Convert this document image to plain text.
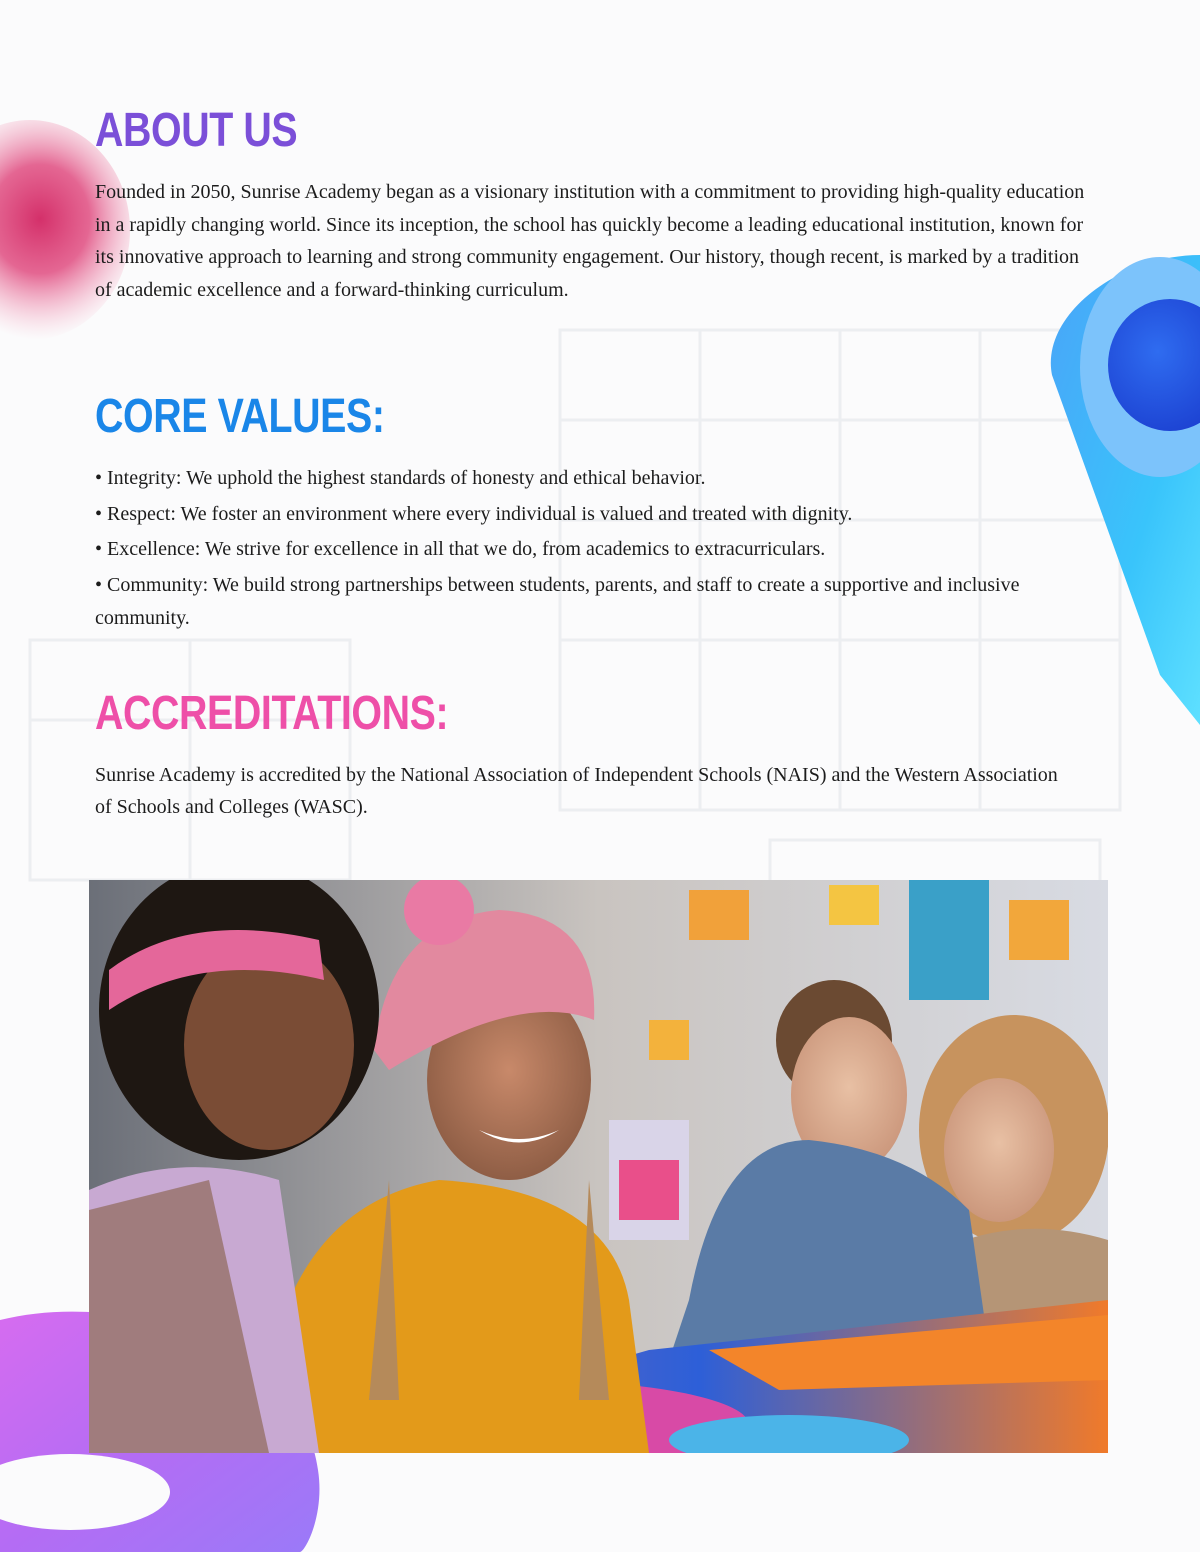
ABOUT US

Founded in 2050, Sunrise Academy began as a visionary institution with a commitment to providing high-quality education in a rapidly changing world. Since its inception, the school has quickly become a leading educational institution, known for its innovative approach to learning and strong community engagement. Our history, though recent, is marked by a tradition of academic excellence and a forward-thinking curriculum.

CORE VALUES:
• Integrity: We uphold the highest standards of honesty and ethical behavior.
• Respect: We foster an environment where every individual is valued and treated with dignity.
• Excellence: We strive for excellence in all that we do, from academics to extracurriculars.
• Community: We build strong partnerships between students, parents, and staff to create a supportive and inclusive community.
ACCREDITATIONS:

Sunrise Academy is accredited by the National Association of Independent Schools (NAIS) and the Western Association of Schools and Colleges (WASC).
